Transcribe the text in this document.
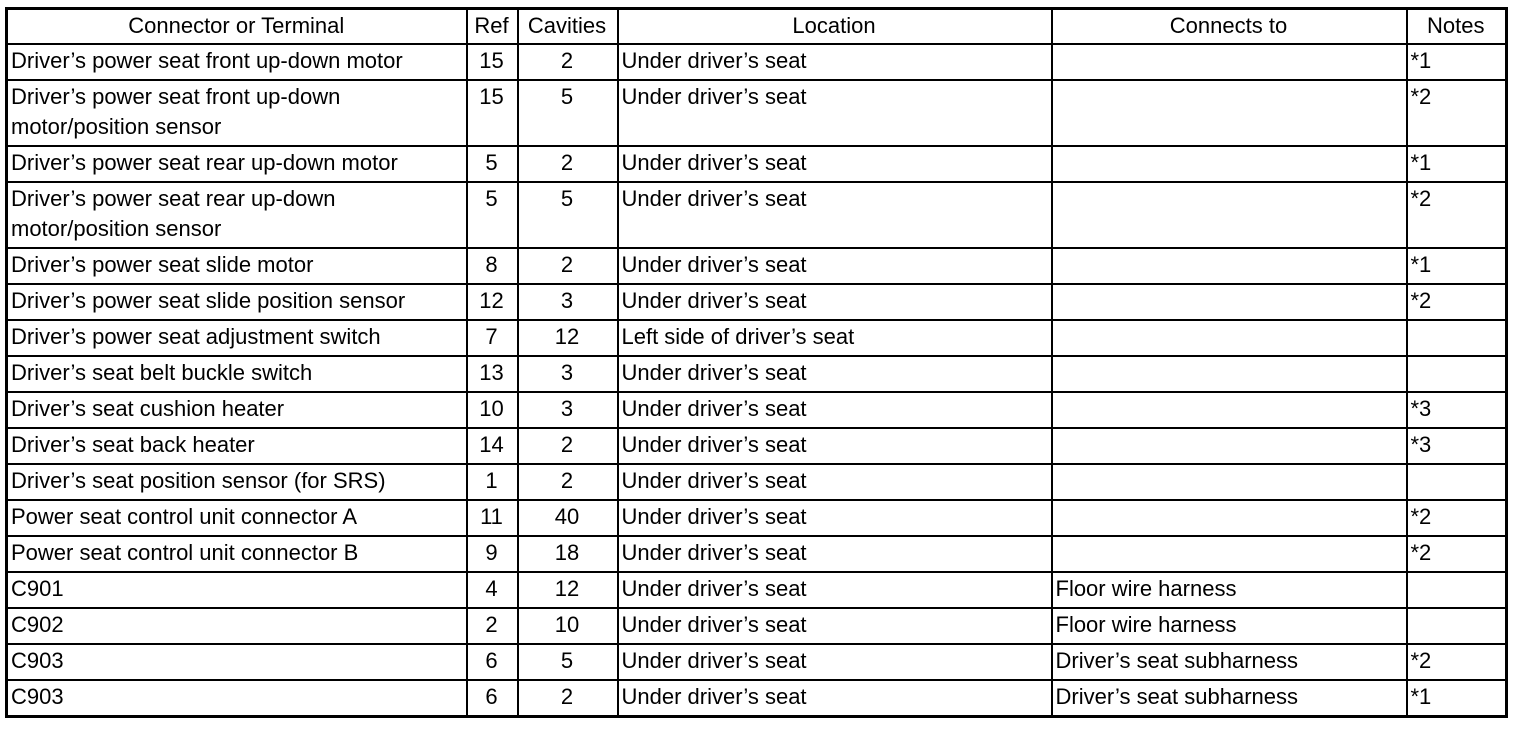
Connector or Terminal	Ref	Cavities	Location	Connects to	Notes
Driver’s power seat front up-down motor	15	2	Under driver’s seat		*1
Driver’s power seat front up-down motor/position sensor	15	5	Under driver’s seat		*2
Driver’s power seat rear up-down motor	5	2	Under driver’s seat		*1
Driver’s power seat rear up-down motor/position sensor	5	5	Under driver’s seat		*2
Driver’s power seat slide motor	8	2	Under driver’s seat		*1
Driver’s power seat slide position sensor	12	3	Under driver’s seat		*2
Driver’s power seat adjustment switch	7	12	Left side of driver’s seat		
Driver’s seat belt buckle switch	13	3	Under driver’s seat		
Driver’s seat cushion heater	10	3	Under driver’s seat		*3
Driver’s seat back heater	14	2	Under driver’s seat		*3
Driver’s seat position sensor (for SRS)	1	2	Under driver’s seat		
Power seat control unit connector A	11	40	Under driver’s seat		*2
Power seat control unit connector B	9	18	Under driver’s seat		*2
C901	4	12	Under driver’s seat	Floor wire harness	
C902	2	10	Under driver’s seat	Floor wire harness	
C903	6	5	Under driver’s seat	Driver’s seat subharness	*2
C903	6	2	Under driver’s seat	Driver’s seat subharness	*1
